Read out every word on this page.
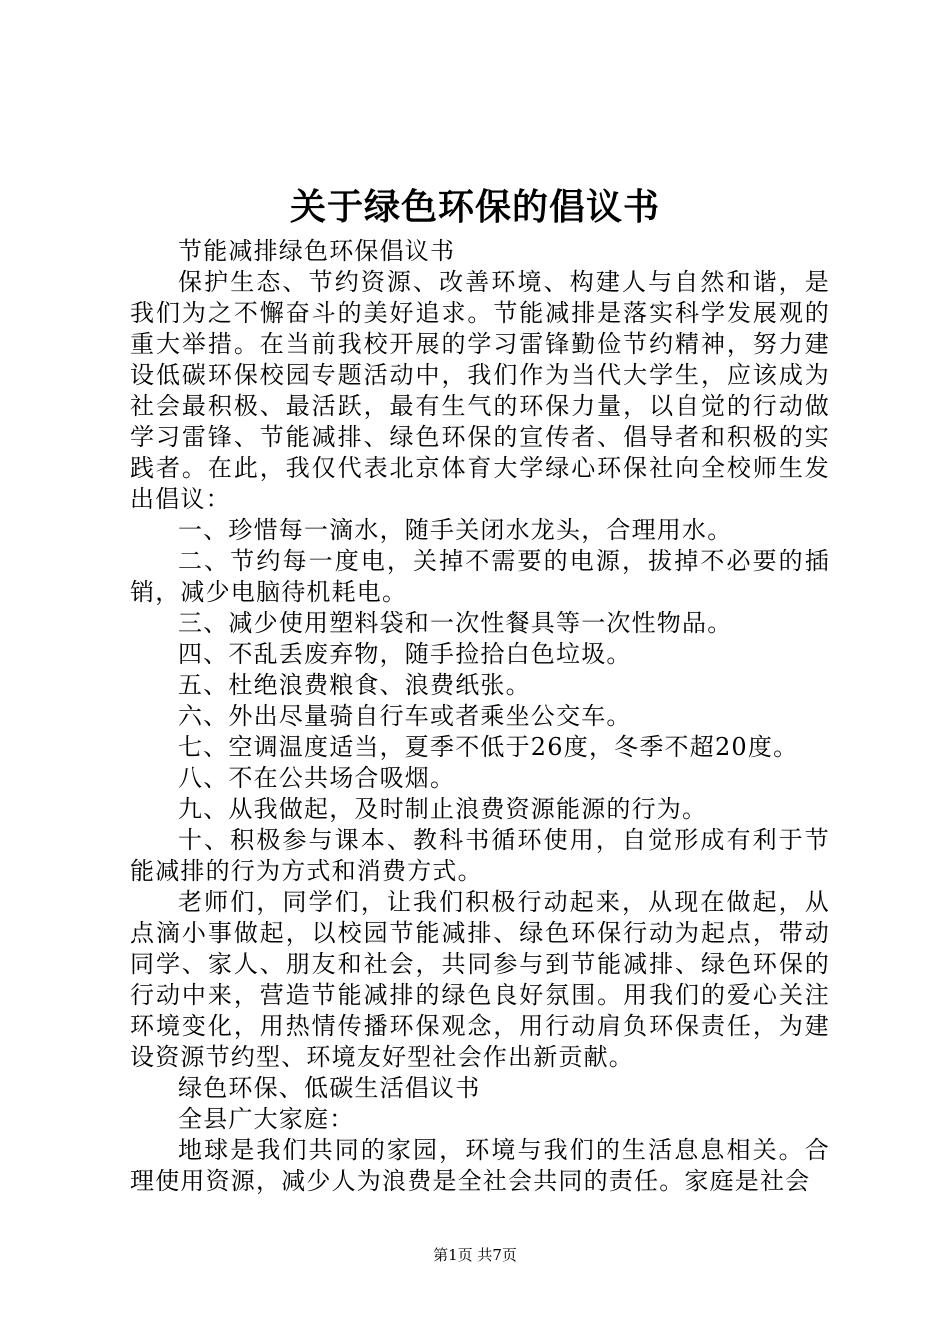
关于绿色环保的倡议书

节能减排绿色环保倡议书

保护生态、节约资源、改善环境、构建人与自然和谐，是我们为之不懈奋斗的美好追求。节能减排是落实科学发展观的重大举措。在当前我校开展的学习雷锋勤俭节约精神，努力建设低碳环保校园专题活动中，我们作为当代大学生，应该成为社会最积极、最活跃，最有生气的环保力量，以自觉的行动做学习雷锋、节能减排、绿色环保的宣传者、倡导者和积极的实践者。在此，我仅代表北京体育大学绿心环保社向全校师生发出倡议：

一、珍惜每一滴水，随手关闭水龙头，合理用水。

二、节约每一度电，关掉不需要的电源，拔掉不必要的插销，减少电脑待机耗电。

三、减少使用塑料袋和一次性餐具等一次性物品。

四、不乱丢废弃物，随手捡拾白色垃圾。

五、杜绝浪费粮食、浪费纸张。

六、外出尽量骑自行车或者乘坐公交车。

七、空调温度适当，夏季不低于26度，冬季不超20度。

八、不在公共场合吸烟。

九、从我做起，及时制止浪费资源能源的行为。

十、积极参与课本、教科书循环使用，自觉形成有利于节能减排的行为方式和消费方式。

老师们，同学们，让我们积极行动起来，从现在做起，从点滴小事做起，以校园节能减排、绿色环保行动为起点，带动同学、家人、朋友和社会，共同参与到节能减排、绿色环保的行动中来，营造节能减排的绿色良好氛围。用我们的爱心关注环境变化，用热情传播环保观念，用行动肩负环保责任，为建设资源节约型、环境友好型社会作出新贡献。

绿色环保、低碳生活倡议书

全县广大家庭：

地球是我们共同的家园，环境与我们的生活息息相关。合理使用资源，减少人为浪费是全社会共同的责任。家庭是社会

第1页 共7页
